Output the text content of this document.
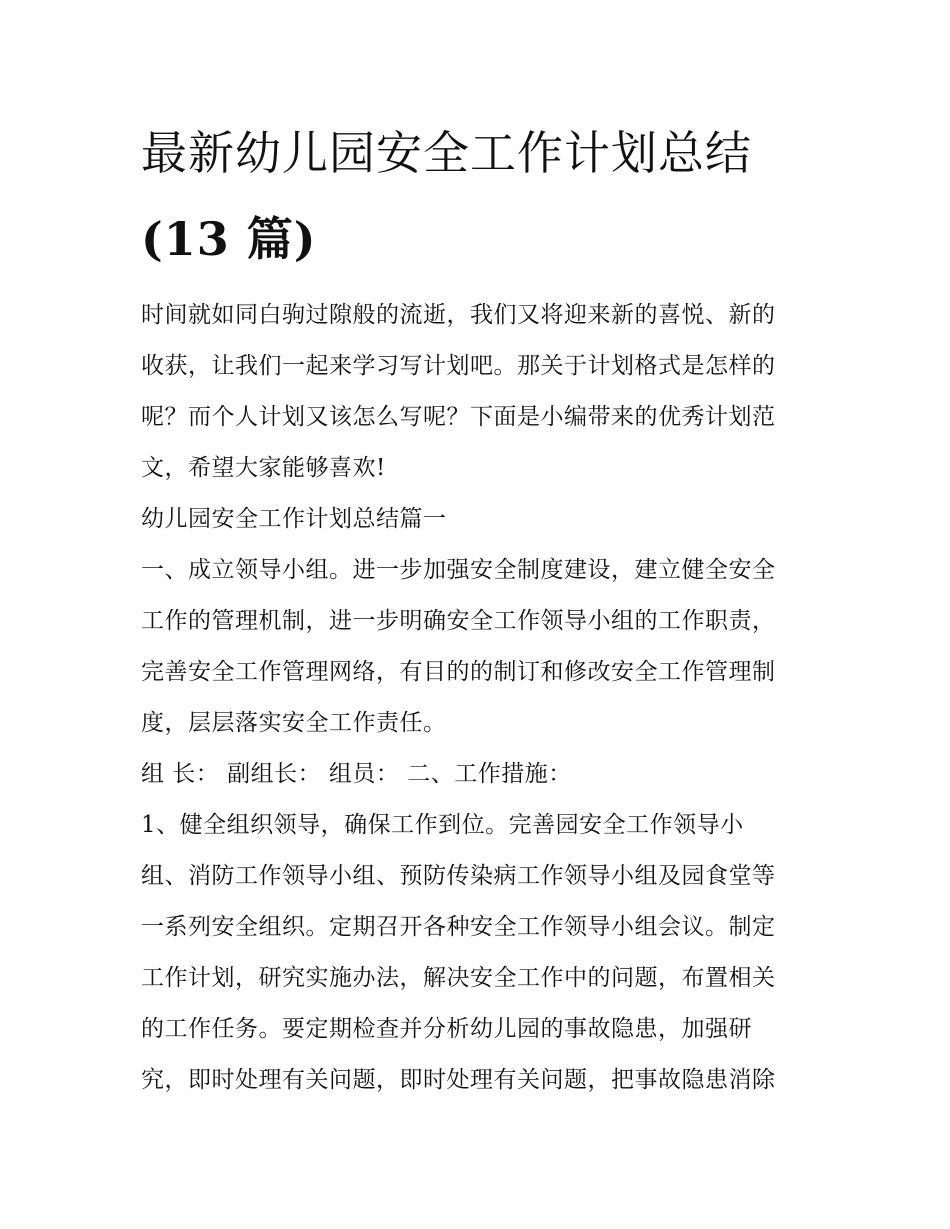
最新幼儿园安全工作计划总结
(13 篇)

时间就如同白驹过隙般的流逝，我们又将迎来新的喜悦、新的

收获，让我们一起来学习写计划吧。那关于计划格式是怎样的

呢？而个人计划又该怎么写呢？下面是小编带来的优秀计划范

文，希望大家能够喜欢!

幼儿园安全工作计划总结篇一

一、成立领导小组。进一步加强安全制度建设，建立健全安全

工作的管理机制，进一步明确安全工作领导小组的工作职责，

完善安全工作管理网络，有目的的制订和修改安全工作管理制

度，层层落实安全工作责任。

组 长： 副组长： 组员： 二、工作措施：

1、健全组织领导，确保工作到位。完善园安全工作领导小

组、消防工作领导小组、预防传染病工作领导小组及园食堂等

一系列安全组织。定期召开各种安全工作领导小组会议。制定

工作计划，研究实施办法，解决安全工作中的问题，布置相关

的工作任务。要定期检查并分析幼儿园的事故隐患，加强研

究，即时处理有关问题，即时处理有关问题，把事故隐患消除
